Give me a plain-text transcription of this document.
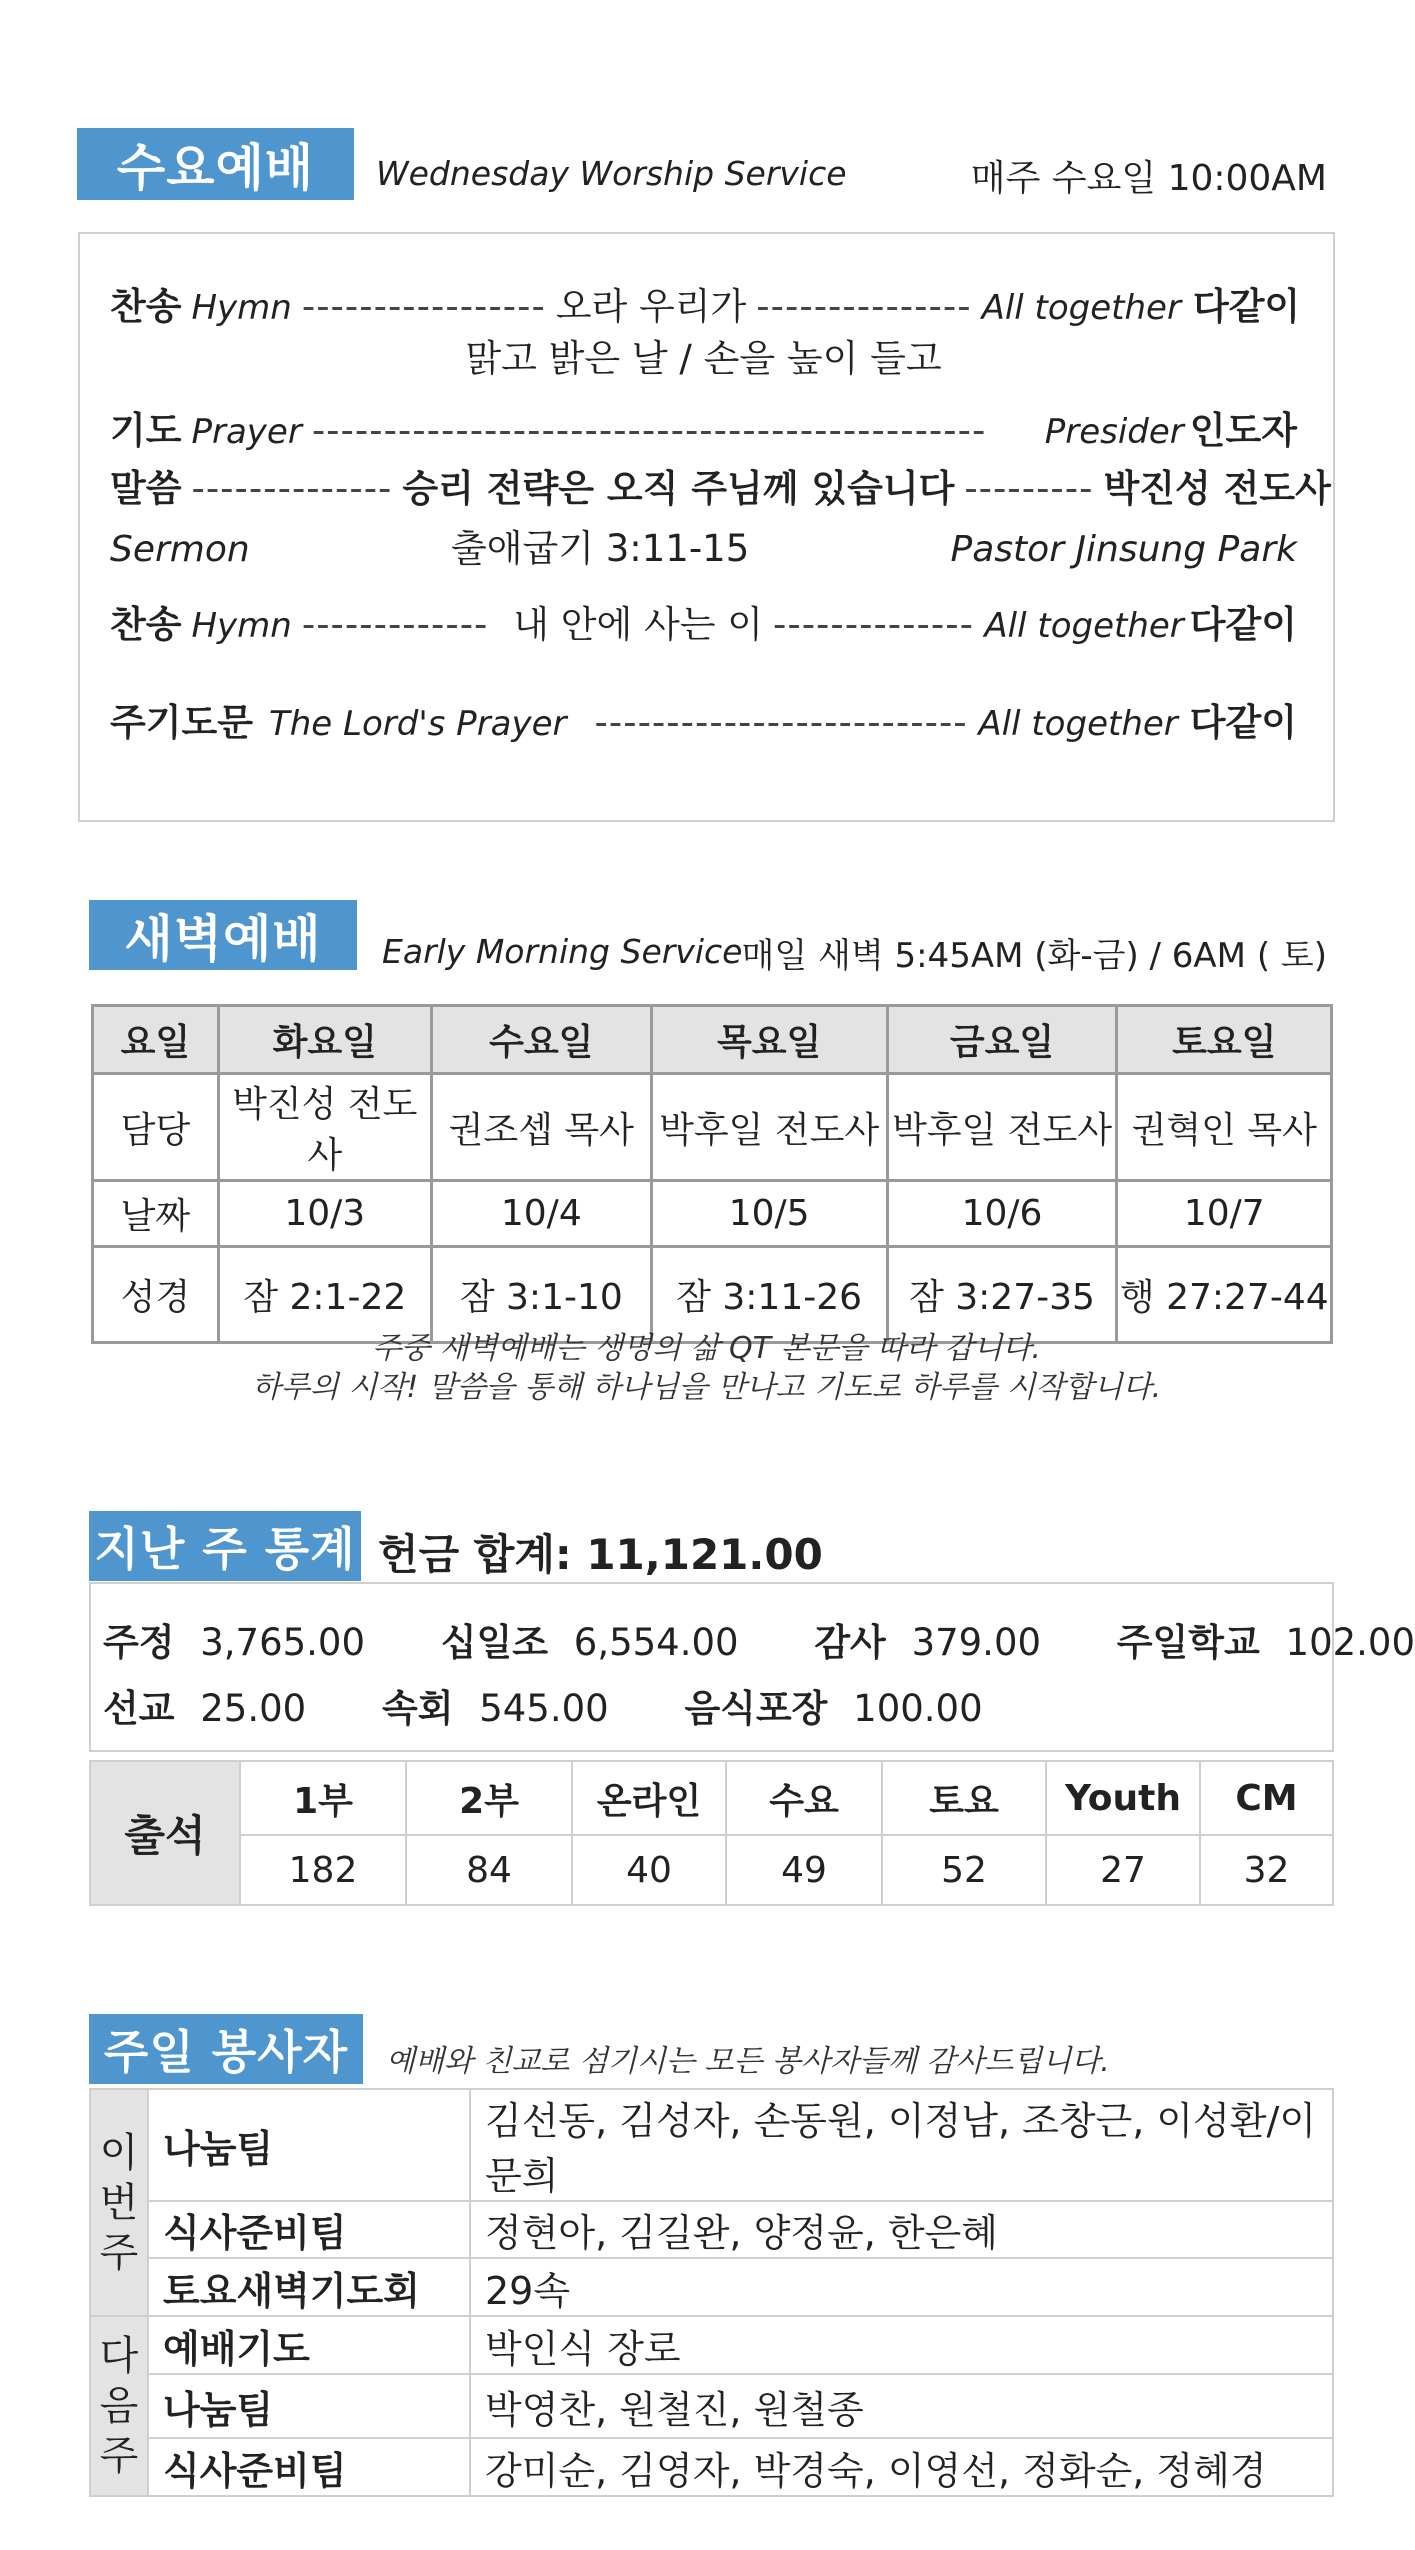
수요예배	Wednesday Worship Service	매주 수요일 10:00AM
찬송 Hymn ----------------- 오라 우리가 --------------- All together 다같이
맑고 밝은 날 / 손을 높이 들고
기도 Prayer -----------------------------------------------	Presider 인도자
말씀 -------------- 승리 전략은 오직 주님께 있습니다 --------- 박진성 전도사
Sermon	출애굽기 3:11-15	Pastor Jinsung Park
찬송 Hymn ------------- 내 안에 사는 이 -------------- All together 다같이
주기도문 The Lord's Prayer -------------------------- All together 다같이
새벽예배	Early Morning Service 매일 새벽 5:45AM (화-금) / 6AM ( 토)
요일	화요일	수요일	목요일	금요일	토요일
담당	박진성 전도사	권조셉 목사	박후일 전도사	박후일 전도사	권혁인 목사
날짜	10/3	10/4	10/5	10/6	10/7
성경	잠 2:1-22	잠 3:1-10	잠 3:11-26	잠 3:27-35	행 27:27-44
주중 새벽예배는 생명의 삶 QT 본문을 따라 갑니다.
하루의 시작! 말씀을 통해 하나님을 만나고 기도로 하루를 시작합니다.
지난 주 통계 헌금 합계: 11,121.00
주정 3,765.00 십일조 6,554.00 감사 379.00 주일학교 102.00
선교 25.00 속회 545.00 음식포장 100.00
출석	1부	2부	온라인	수요	토요	Youth	CM
	182	84	40	49	52	27	32
주일 봉사자	예배와 친교로 섬기시는 모든 봉사자들께 감사드립니다.
이번주	나눔팀	김선동, 김성자, 손동원, 이정남, 조창근, 이성환/이문희
	식사준비팀	정현아, 김길완, 양정윤, 한은혜
	토요새벽기도회	29속

다음주	예배기도	박인식 장로
	나눔팀	박영찬, 원철진, 원철종
	식사준비팀	강미순, 김영자, 박경숙, 이영선, 정화순, 정혜경
